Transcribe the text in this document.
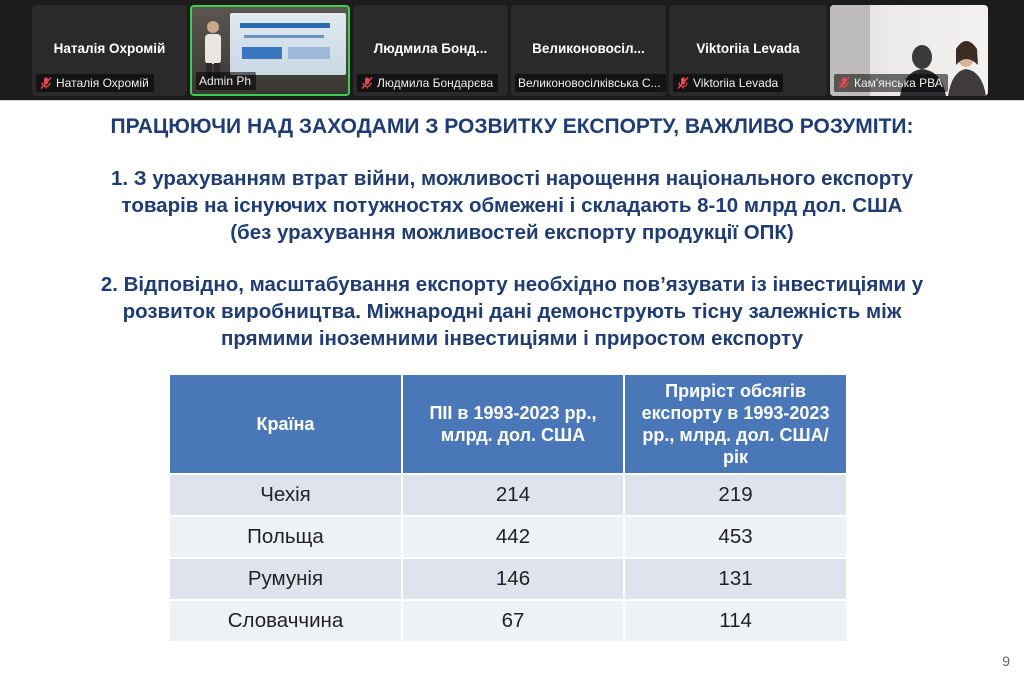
Наталія Охромій
Наталія Охромій	Admin Ph
Людмила Бонд...
Людмила Бондарєва
Великоновосіл...
Великоновосілківська С...
Viktoriia Levada
Viktoriia Levada	Кам'янська РВА
ПРАЦЮЮЧИ НАД ЗАХОДАМИ З РОЗВИТКУ ЕКСПОРТУ, ВАЖЛИВО РОЗУМІТИ:
1. З урахуванням втрат війни, можливості нарощення національного експорту
товарів на існуючих потужностях обмежені і складають 8-10 млрд дол. США
(без урахування можливостей експорту продукції ОПК)
2. Відповідно, масштабування експорту необхідно пов’язувати із інвестиціями у
розвиток виробництва. Міжнародні дані демонструють тісну залежність між
прямими іноземними інвестиціями і приростом експорту
Країна	ПІІ в 1993-2023 рр., млрд. дол. США	Приріст обсягів експорту в 1993-2023 рр., млрд. дол. США/рік
Чехія	214	219
Польща	442	453
Румунія	146	131
Словаччина	67	114
9
